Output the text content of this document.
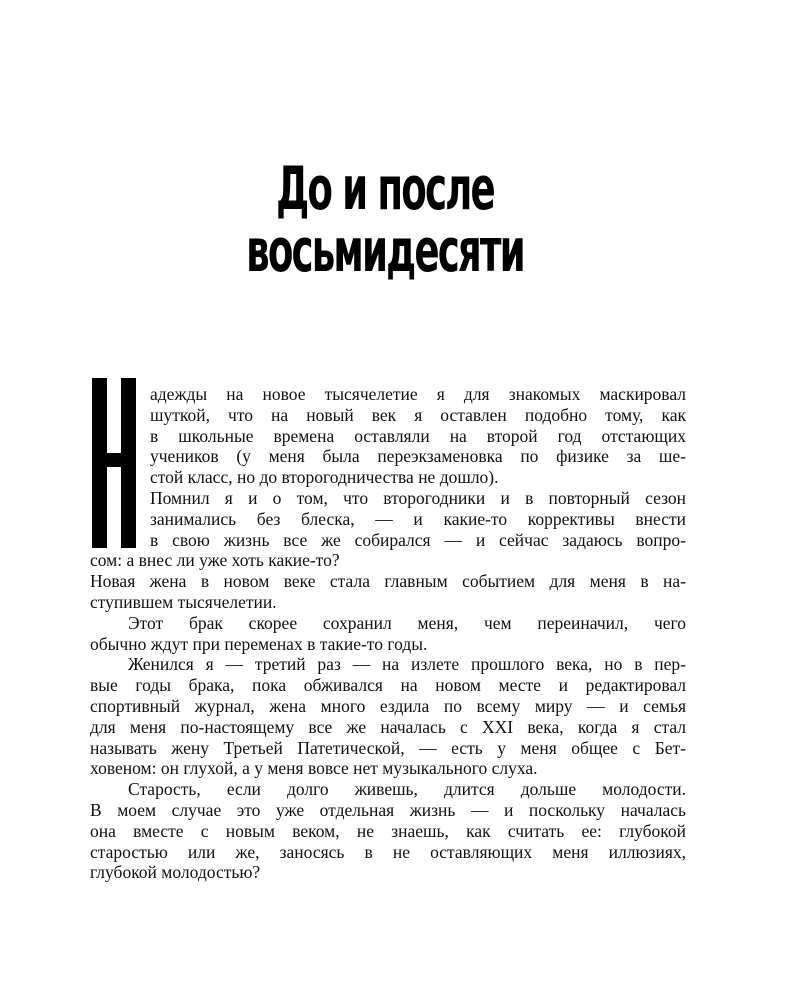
До и после
восьмидесяти
адежды на новое тысячелетие я для знакомых маскировал
шуткой, что на новый век я оставлен подобно тому, как
в школьные времена оставляли на второй год отстающих
учеников (у меня была переэкзаменовка по физике за ше-
стой класс, но до второгодничества не дошло).
Помнил я и о том, что второгодники и в повторный сезон
занимались без блеска, — и какие-то коррективы внести
в свою жизнь все же собирался — и сейчас задаюсь вопро-
сом: а внес ли уже хоть какие-то?
Новая жена в новом веке стала главным событием для меня в на-
ступившем тысячелетии.
Этот брак скорее сохранил меня, чем переиначил, чего
обычно ждут при переменах в такие-то годы.
Женился я — третий раз — на излете прошлого века, но в пер-
вые годы брака, пока обживался на новом месте и редактировал
спортивный журнал, жена много ездила по всему миру — и семья
для меня по-настоящему все же началась с XXI века, когда я стал
называть жену Третьей Патетической, — есть у меня общее с Бет-
ховеном: он глухой, а у меня вовсе нет музыкального слуха.
Старость, если долго живешь, длится дольше молодости.
В моем случае это уже отдельная жизнь — и поскольку началась
она вместе с новым веком, не знаешь, как считать ее: глубокой
старостью или же, заносясь в не оставляющих меня иллюзиях,
глубокой молодостью?
